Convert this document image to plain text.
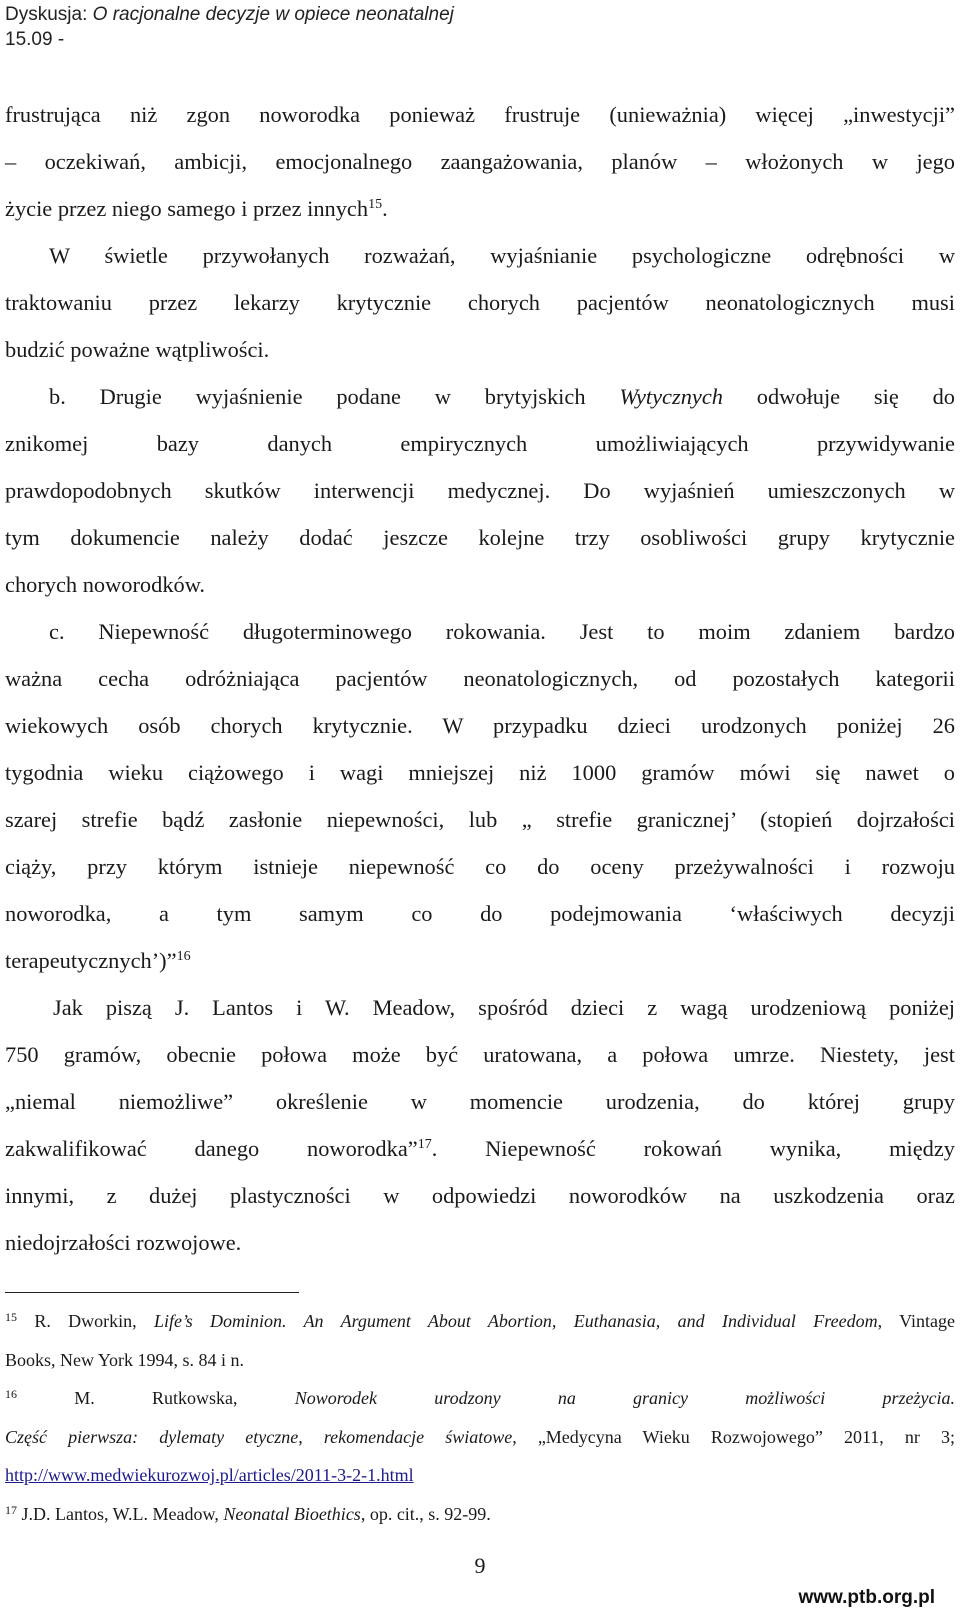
Dyskusja: O racjonalne decyzje w opiece neonatalnej
15.09 -

frustrująca niż zgon noworodka ponieważ frustruje (unieważnia) więcej „inwestycji”

– oczekiwań, ambicji, emocjonalnego zaangażowania, planów – włożonych w jego

życie przez niego samego i przez innych$^{15}$.

W świetle przywołanych rozważań, wyjaśnianie psychologiczne odrębności w

traktowaniu przez lekarzy krytycznie chorych pacjentów neonatologicznych musi

budzić poważne wątpliwości.

b. Drugie wyjaśnienie podane w brytyjskich Wytycznych odwołuje się do

znikomej bazy danych empirycznych umożliwiających przywidywanie

prawdopodobnych skutków interwencji medycznej. Do wyjaśnień umieszczonych w

tym dokumencie należy dodać jeszcze kolejne trzy osobliwości grupy krytycznie

chorych noworodków.

c. Niepewność długoterminowego rokowania. Jest to moim zdaniem bardzo

ważna cecha odróżniająca pacjentów neonatologicznych, od pozostałych kategorii

wiekowych osób chorych krytycznie. W przypadku dzieci urodzonych poniżej 26

tygodnia wieku ciążowego i wagi mniejszej niż 1000 gramów mówi się nawet o

szarej strefie bądź zasłonie niepewności, lub „ strefie granicznej’ (stopień dojrzałości

ciąży, przy którym istnieje niepewność co do oceny przeżywalności i rozwoju

noworodka, a tym samym co do podejmowania ‘właściwych decyzji

terapeutycznych’)”$^{16}$

Jak piszą J. Lantos i W. Meadow, spośród dzieci z wagą urodzeniową poniżej

750 gramów, obecnie połowa może być uratowana, a połowa umrze. Niestety, jest

„niemal niemożliwe” określenie w momencie urodzenia, do której grupy

zakwalifikować danego noworodka”$^{17}$. Niepewność rokowań wynika, między

innymi, z dużej plastyczności w odpowiedzi noworodków na uszkodzenia oraz

niedojrzałości rozwojowe.

$^{15}$ R. Dworkin, Life’s Dominion. An Argument About Abortion, Euthanasia, and Individual Freedom, Vintage

Books, New York 1994, s. 84 i n.

$^{16}$ M. Rutkowska, Noworodek urodzony na granicy możliwości przeżycia.

Część pierwsza: dylematy etyczne, rekomendacje światowe, „Medycyna Wieku Rozwojowego” 2011, nr 3;

http://www.medwiekurozwoj.pl/articles/2011-3-2-1.html

$^{17}$ J.D. Lantos, W.L. Meadow, Neonatal Bioethics, op. cit., s. 92-99.

9
www.ptb.org.pl
